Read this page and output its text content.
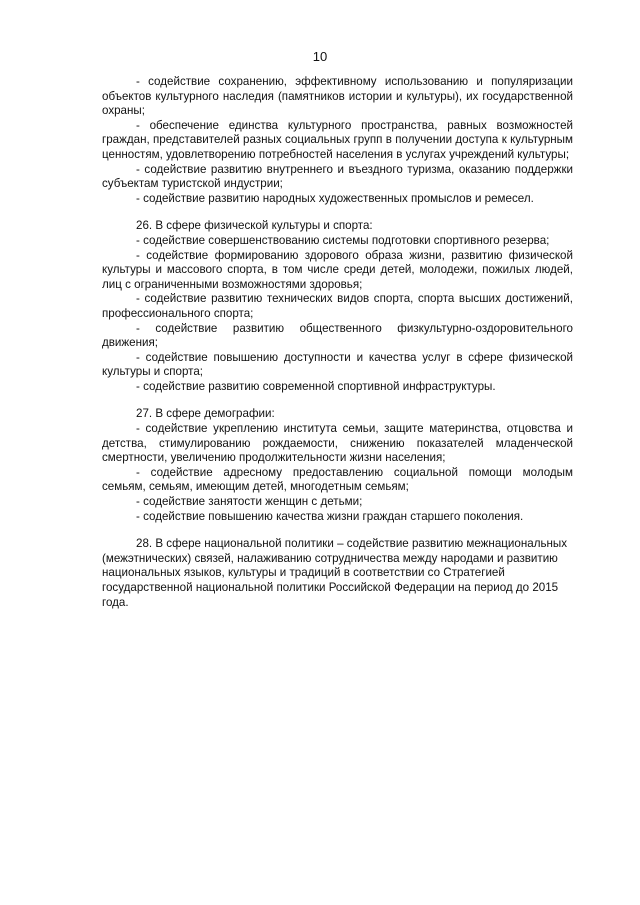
10

- содействие сохранению, эффективному использованию и популяризации объектов культурного наследия (памятников истории и культуры), их государственной охраны;

- обеспечение единства культурного пространства, равных возможностей граждан, представителей разных социальных групп в получении доступа к культурным ценностям, удовлетворению потребностей населения в услугах учреждений культуры;

- содействие развитию внутреннего и въездного туризма, оказанию поддержки субъектам туристской индустрии;

- содействие развитию народных художественных промыслов и ремесел.

26. В сфере физической культуры и спорта:

- содействие совершенствованию системы подготовки спортивного резерва;

- содействие формированию здорового образа жизни, развитию физической культуры и массового спорта, в том числе среди детей, молодежи, пожилых людей, лиц с ограниченными возможностями здоровья;

- содействие развитию технических видов спорта, спорта высших достижений, профессионального спорта;

- содействие развитию общественного физкультурно-оздоровительного движения;

- содействие повышению доступности и качества услуг в сфере физической культуры и спорта;

- содействие развитию современной спортивной инфраструктуры.

27. В сфере демографии:

- содействие укреплению института семьи, защите материнства, отцовства и детства, стимулированию рождаемости, снижению показателей младенческой смертности, увеличению продолжительности жизни населения;

- содействие адресному предоставлению социальной помощи молодым семьям, семьям, имеющим детей, многодетным семьям;

- содействие занятости женщин с детьми;

- содействие повышению качества жизни граждан старшего поколения.

28. В сфере национальной политики – содействие развитию межнациональных (межэтнических) связей, налаживанию сотрудничества между народами и развитию национальных языков, культуры и традиций в соответствии со Стратегией государственной национальной политики Российской Федерации на период до 2015 года.
